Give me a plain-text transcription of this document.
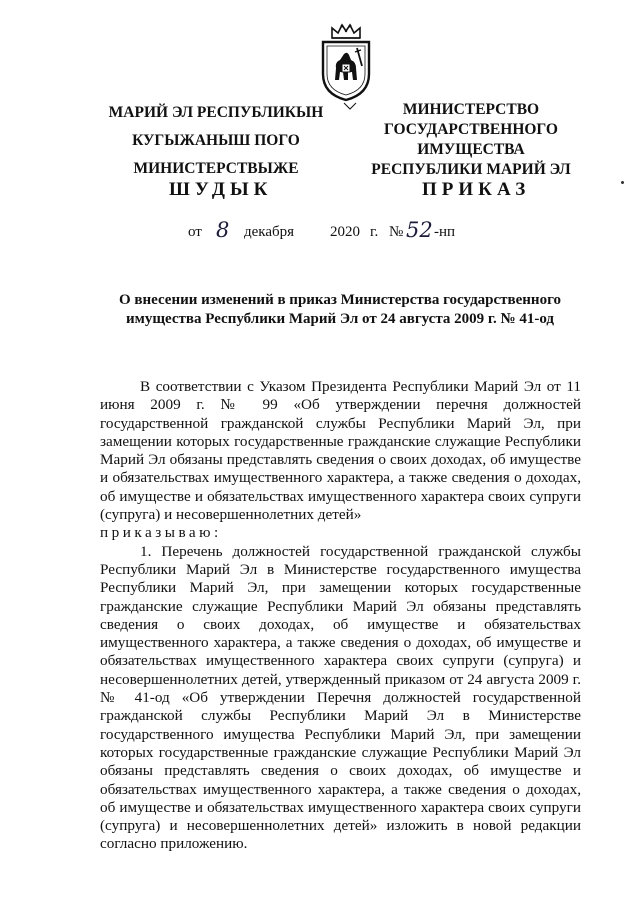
МАРИЙ ЭЛ РЕСПУБЛИКЫН
КУГЫЖАНЫШ ПОГО
МИНИСТЕРСТВЫЖЕ
МИНИСТЕРСТВО
ГОСУДАРСТВЕННОГО
ИМУЩЕСТВА
РЕСПУБЛИКИ МАРИЙ ЭЛ
ШУДЫК	ПРИКАЗ
от 8 декабря 2020 г. № 52 -нп
О внесении изменений в приказ Министерства государственного
имущества Республики Марий Эл от 24 августа 2009 г. № 41-од

В соответствии с Указом Президента Республики Марий Эл от 11 июня 2009 г. № 99 «Об утверждении перечня должностей государственной гражданской службы Республики Марий Эл, при замещении которых государственные гражданские служащие Республики Марий Эл обязаны представлять сведения о своих доходах, об имуществе и обязательствах имущественного характера, а также сведения о доходах, об имуществе и обязательствах имущественного характера своих супруги (супруга) и несовершеннолетних детей»
приказываю:

1. Перечень должностей государственной гражданской службы Республики Марий Эл в Министерстве государственного имущества Республики Марий Эл, при замещении которых государственные гражданские служащие Республики Марий Эл обязаны представлять сведения о своих доходах, об имуществе и обязательствах имущественного характера, а также сведения о доходах, об имуществе и обязательствах имущественного характера своих супруги (супруга) и несовершеннолетних детей, утвержденный приказом от 24 августа 2009 г. № 41-од «Об утверждении Перечня должностей государственной гражданской службы Республики Марий Эл в Министерстве государственного имущества Республики Марий Эл, при замещении которых государственные гражданские служащие Республики Марий Эл обязаны представлять сведения о своих доходах, об имуществе и обязательствах имущественного характера, а также сведения о доходах, об имуществе и обязательствах имущественного характера своих супруги (супруга) и несовершеннолетних детей» изложить в новой редакции согласно приложению.
